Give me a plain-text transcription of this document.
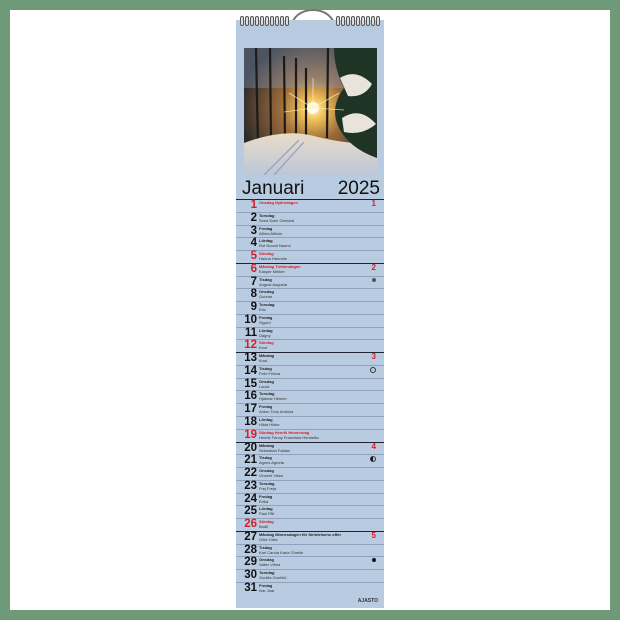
Januari 2025
1 Onsdag Nyårsdagen	1
2 Torsdag
Svea Sven Gerhard
3 Fredag
Alfred Alfrida
4 Lördag
Rut Noomi Naomi
5 Söndag
Hanna Hannele
6 Måndag Trettondagen
Kasper Melker	2
7 Tisdag
August Augusta
8 Onsdag
Gunnar
9 Torsdag
Eric
10 Fredag
Sigurd
11 Lördag
Dagny
12 Söndag
Knut
13 Måndag
Knut	3
14 Tisdag
Felix Felicia
15 Onsdag
Laura
16 Torsdag
Hjalmar Helmer
17 Fredag
Anton Tony Antonia
18 Lördag
Hilda Hildur
19 Söndag Henrik Hennerdag
Henrik Fanny Franciska Henrietta
20 Måndag
Sebastian Fabian	4
21 Tisdag
Agnes Agneta
22 Onsdag
Vincent Viktor
23 Torsdag
Frej Freja
24 Fredag
Erika
25 Lördag
Paul Pål
26 Söndag
Bodil
27 Måndag Minnesdagen för förintelsens offer
Göte Göta	5
28 Tisdag
Karl Carola Karla Charlie
29 Onsdag
Valter Vilma
30 Torsdag
Gunilla Gunhild
31 Fredag
Ivar Joar
AJASTO
